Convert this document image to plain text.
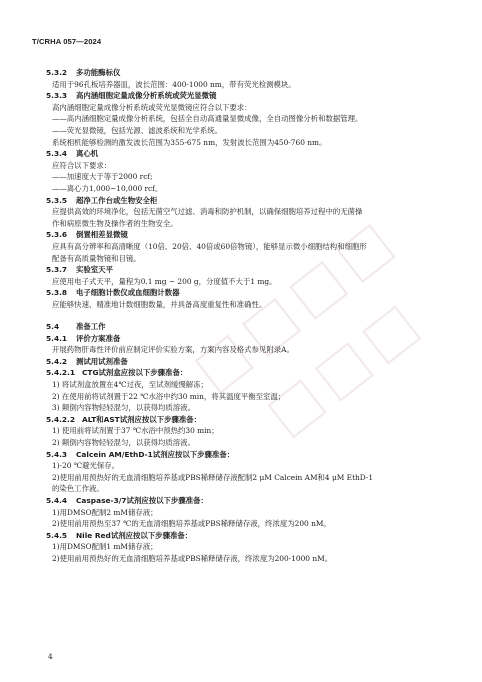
T/CRHA 057—2024
5.3.2 多功能酶标仪
适用于96孔板培养器皿，波长范围：400-1000 nm，带有荧光检测模块。
5.3.3 高内涵细胞定量成像分析系统或荧光显微镜
高内涵细胞定量成像分析系统或荧光显微镜应符合以下要求：
——高内涵细胞定量成像分析系统，包括全自动高通量显微成像，全自动图像分析和数据管理。
——荧光显微镜，包括光源、滤波系统和光学系统。
系统相机能够检测的激发波长范围为355-675 nm，发射波长范围为450-760 nm。
5.3.4 离心机
应符合以下要求：
——加速度大于等于2000 rcf;
——离心力1,000~10,000 rcf。
5.3.5 超净工作台或生物安全柜
应提供高效的环境净化，包括无菌空气过滤、消毒和防护机制，以确保细胞培养过程中的无菌操
作和病原微生物及操作者的生物安全。
5.3.6 倒置相差显微镜
应具有高分辨率和高清晰度（10倍、20倍、40倍或60倍物镜），能够显示微小细胞结构和细胞形
配备有高质量物镜和目镜。
5.3.7 实验室天平
应使用电子式天平，量程为0.1 mg ~ 200 g，分度值不大于1 mg。
5.3.8 电子细胞计数仪或血细胞计数器
应能够快速、精准地计数细胞数量，并具备高度重复性和准确性。
5.4 准备工作
5.4.1 评价方案准备
开展药物肝毒性评价前应制定评价实验方案，方案内容及格式参见附录A。
5.4.2 测试用试剂准备
5.4.2.1 CTG试剂盒应按以下步骤准备：
1) 将试剂盒放置在4℃过夜，至试剂缓慢解冻；
2) 在使用前将试剂置于22 ℃水浴中约30 min，将其温度平衡至室温；
3) 颠倒内容物轻轻混匀，以获得均质溶液。
5.4.2.2 ALT和AST试剂应按以下步骤准备：
1) 使用前将试剂置于37 ℃水浴中预热约30 min；
2) 颠倒内容物轻轻混匀，以获得均质溶液。
5.4.3 Calcein AM/EthD-1试剂应按以下步骤准备：
1)-20 ℃避光保存。
2)使用前用预热好的无血清细胞培养基或PBS稀释储存液配制2 μM Calcein AM和4 μM EthD-1
的染色工作液。
5.4.4 Caspase-3/7试剂应按以下步骤准备：
1)用DMSO配制2 mM储存液；
2)使用前用预热至37 ℃的无血清细胞培养基或PBS稀释储存液，终浓度为200 nM。
5.4.5 Nile Red试剂应按以下步骤准备：
1)用DMSO配制1 mM储存液；
2)使用前用预热好的无血清细胞培养基或PBS稀释储存液，终浓度为200-1000 nM。
4
